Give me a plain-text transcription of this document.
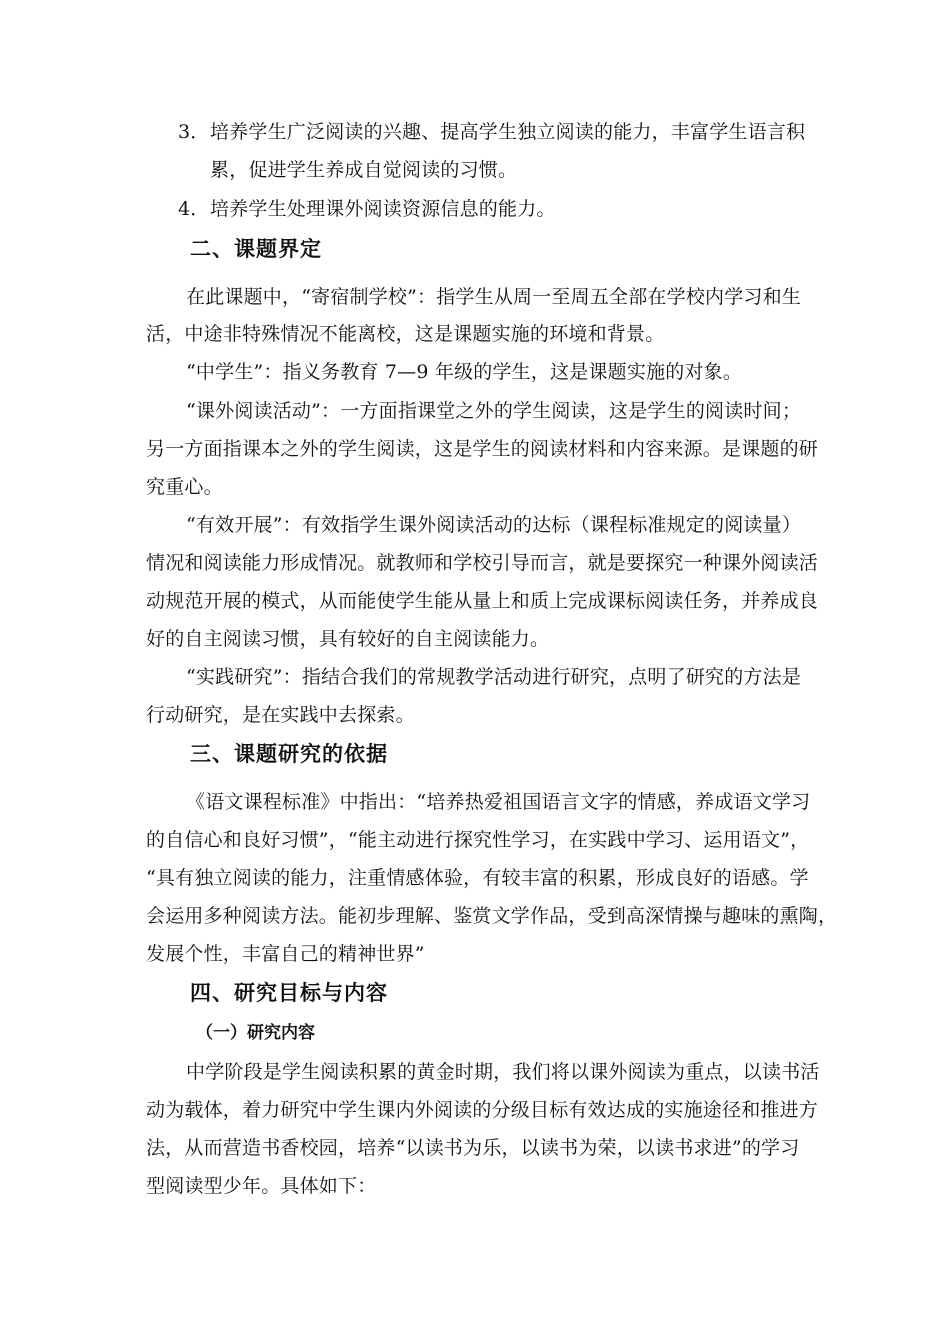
3． 培养学生广泛阅读的兴趣、提高学生独立阅读的能力，丰富学生语言积
累，促进学生养成自觉阅读的习惯。
4． 培养学生处理课外阅读资源信息的能力。
二、课题界定
在此课题中，“寄宿制学校”：指学生从周一至周五全部在学校内学习和生
活，中途非特殊情况不能离校，这是课题实施的环境和背景。
“中学生”：指义务教育 7—9 年级的学生，这是课题实施的对象。
“课外阅读活动”：一方面指课堂之外的学生阅读，这是学生的阅读时间；
另一方面指课本之外的学生阅读，这是学生的阅读材料和内容来源。是课题的研
究重心。
“有效开展”：有效指学生课外阅读活动的达标（课程标准规定的阅读量）
情况和阅读能力形成情况。就教师和学校引导而言，就是要探究一种课外阅读活
动规范开展的模式，从而能使学生能从量上和质上完成课标阅读任务，并养成良
好的自主阅读习惯，具有较好的自主阅读能力。
“实践研究”：指结合我们的常规教学活动进行研究，点明了研究的方法是
行动研究，是在实践中去探索。
三、课题研究的依据
《语文课程标准》中指出：“培养热爱祖国语言文字的情感，养成语文学习
的自信心和良好习惯”，“能主动进行探究性学习，在实践中学习、运用语文”，
“具有独立阅读的能力，注重情感体验，有较丰富的积累，形成良好的语感。学
会运用多种阅读方法。能初步理解、鉴赏文学作品，受到高深情操与趣味的熏陶，
发展个性，丰富自己的精神世界”
四、研究目标与内容
（一）研究内容
中学阶段是学生阅读积累的黄金时期，我们将以课外阅读为重点，以读书活
动为载体，着力研究中学生课内外阅读的分级目标有效达成的实施途径和推进方
法，从而营造书香校园，培养“以读书为乐，以读书为荣，以读书求进”的学习
型阅读型少年。具体如下：
